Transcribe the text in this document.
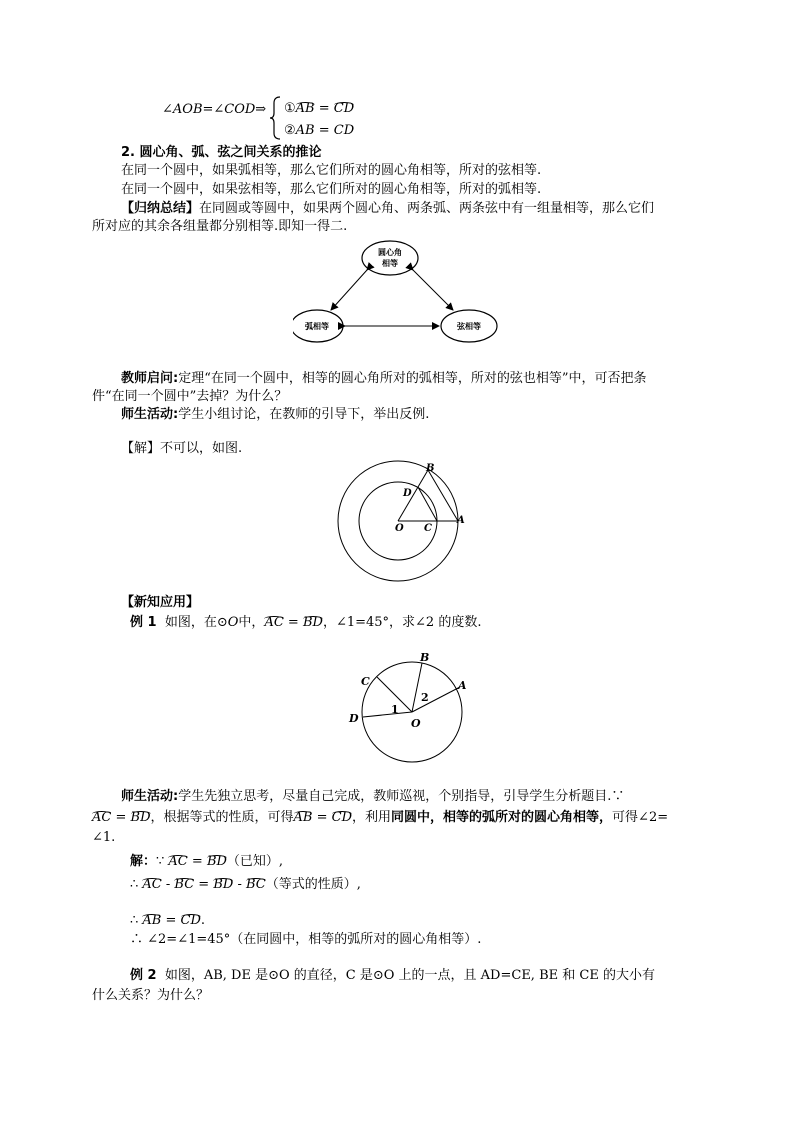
∠AOB=∠COD⇒ ①AB = CD
②AB = CD
2. 圆心角、弧、弦之间关系的推论
在同一个圆中，如果弧相等，那么它们所对的圆心角相等，所对的弦相等.
在同一个圆中，如果弦相等，那么它们所对的圆心角相等，所对的弧相等.
【归纳总结】在同圆或等圆中，如果两个圆心角、两条弧、两条弦中有一组量相等，那么它们
所对应的其余各组量都分别相等.即知一得二.
圆心角
相等
弧相等	弦相等
教师启问:定理“在同一个圆中，相等的圆心角所对的弧相等，所对的弦也相等”中，可否把条
件“在同一个圆中”去掉？为什么？
师生活动:学生小组讨论，在教师的引导下，举出反例.
【解】不可以，如图.
B
D
O C
A
【新知应用】
例 1 如图，在⊙O中，AC = BD，∠1=45°，求∠2 的度数.
B
C	A
D	O
1
2
师生活动:学生先独立思考，尽量自己完成，教师巡视，个别指导，引导学生分析题目.∵
AC = BD，根据等式的性质，可得AB = CD，利用同圆中，相等的弧所对的圆心角相等，可得∠2=
∠1.
解：∵ AC = BD（已知）,
∴ AC - BC = BD - BC（等式的性质）,
∴ AB = CD.
∴ ∠2=∠1=45°（在同圆中，相等的弧所对的圆心角相等）.
例 2 如图，AB, DE 是⊙O 的直径，C 是⊙O 上的一点，且 AD=CE, BE 和 CE 的大小有
什么关系？为什么？
